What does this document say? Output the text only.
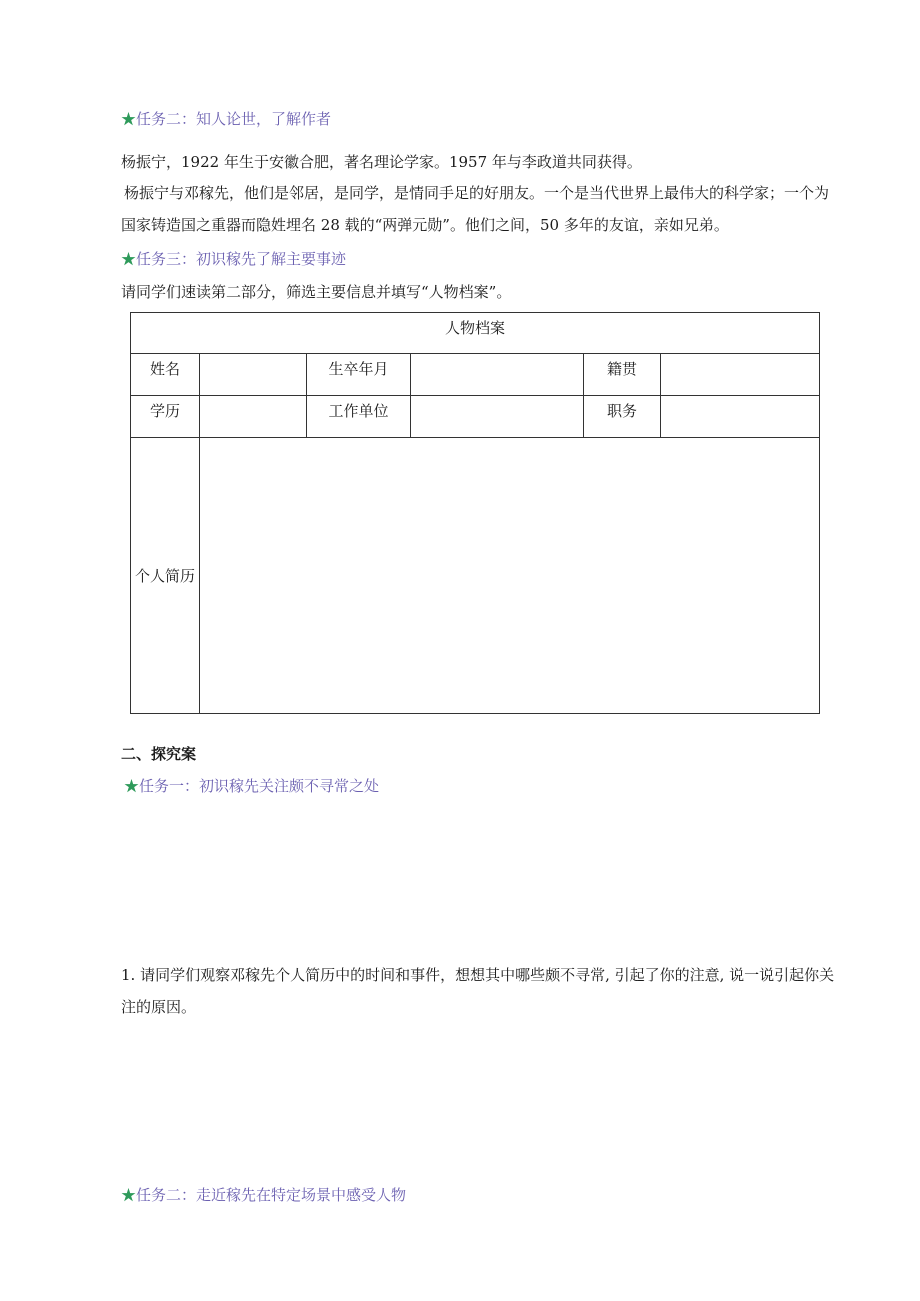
★任务二：知人论世，了解作者
杨振宁，1922 年生于安徽合肥，著名理论学家。1957 年与李政道共同获得。
杨振宁与邓稼先，他们是邻居，是同学，是情同手足的好朋友。一个是当代世界上最伟大的科学家；一个为
国家铸造国之重器而隐姓埋名 28 载的“两弹元勋”。他们之间，50 多年的友谊，亲如兄弟。
★任务三：初识稼先了解主要事迹
请同学们速读第二部分，筛选主要信息并填写“人物档案”。
人物档案					
姓名		生卒年月		籍贯	
学历		工作单位		职务	
个人简历					
二、探究案
★任务一：初识稼先关注颇不寻常之处
1. 请同学们观察邓稼先个人简历中的时间和事件，想想其中哪些颇不寻常, 引起了你的注意, 说一说引起你关
注的原因。
★任务二：走近稼先在特定场景中感受人物
